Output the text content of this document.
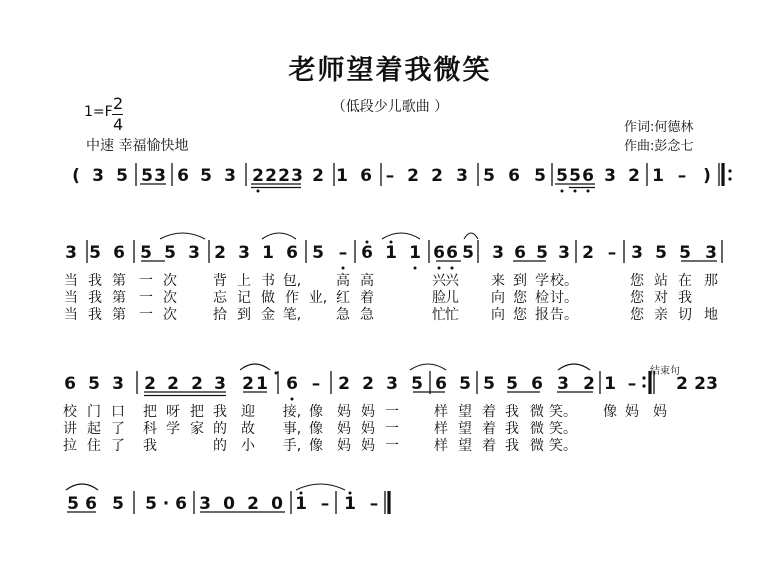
老师望着我微笑
（低段少儿歌曲 ）
1=F 2
4
中速 幸福愉快地
作词:何德林
作曲:彭念七
结束句
( 3 5 5 3 6 5 3 2 2 2 3 2 1 6 – 2 2 3 5 6 5 5 5 6 3 2 1 – )
3 5 6 5 5 3 2 3 1 6 5 – 6 1 1 6 6 5 3 6 5 3 2 – 3 5 5 3
当 我 第 一 次	背 上 书 包, 高 高	兴 兴 来 到 学 校。	您 站 在 那
当 我 第 一 次	忘 记 做 作 业, 红 着	脸 儿 向 您 检 讨。	您 对 我
当 我 第 一 次	拾 到 金 笔, 急 急	忙 忙 向 您 报 告。	您 亲 切 地
6 5 3 2 2 2 3 2 1 6 – 2 2 3 5 6 5 5 5 6 3 2 1 – 2 2 3
校 门 口 把 呀 把 我 迎 接, 像 妈 妈 一	样 望 着 我 微 笑。 像 妈 妈
讲 起 了 科 学 家 的 故 事, 像 妈 妈 一	样 望 着 我 微 笑。
拉 住 了 我	的 小 手, 像 妈 妈 一	样 望 着 我 微 笑。
5 6 5 5 · 6 3 0 2 0 1 – 1 –
